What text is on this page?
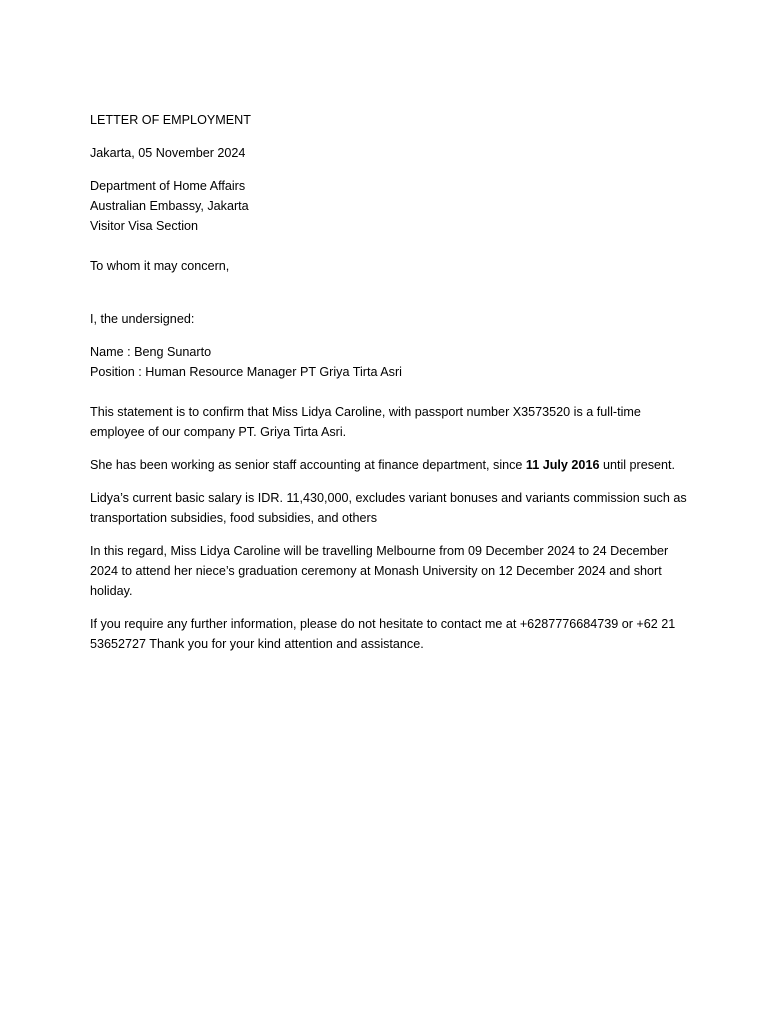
LETTER OF EMPLOYMENT

Jakarta, 05 November 2024

Department of Home Affairs
Australian Embassy, Jakarta
Visitor Visa Section

To whom it may concern,

I, the undersigned:

Name : Beng Sunarto
Position : Human Resource Manager PT Griya Tirta Asri

This statement is to confirm that Miss Lidya Caroline, with passport number X3573520 is a full-time employee of our company PT. Griya Tirta Asri.

She has been working as senior staff accounting at finance department, since 11 July 2016 until present.

Lidya’s current basic salary is IDR. 11,430,000, excludes variant bonuses and variants commission such as transportation subsidies, food subsidies, and others

In this regard, Miss Lidya Caroline will be travelling Melbourne from 09 December 2024 to 24 December 2024 to attend her niece’s graduation ceremony at Monash University on 12 December 2024 and short holiday.

If you require any further information, please do not hesitate to contact me at +6287776684739 or +62 21 53652727 Thank you for your kind attention and assistance.
